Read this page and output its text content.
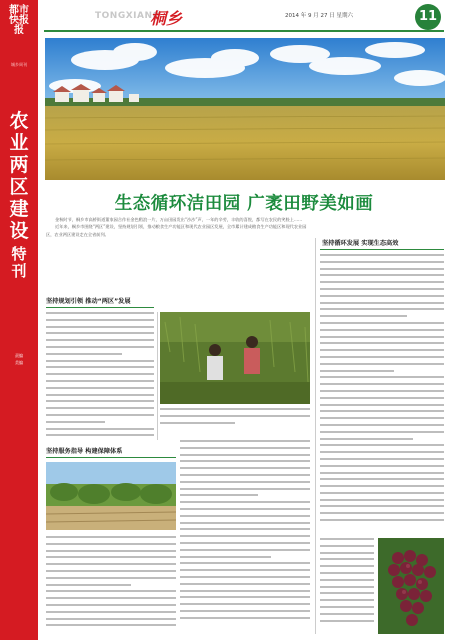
都市
快报
报
城乡周刊
农
业
两
区
建
设
特
刊
责编
美编
TONGXIANG
桐乡	2014 年 9 月 27 日 星期六	11
生态循环洁田园 广袤田野美如画

金秋时节，桐乡市高桥街道董家园合作社金色稻浪一片，万亩田园发出“沙沙”声，一年的辛劳，丰收的喜悦，都写在农民的笑脸上……

近年来，桐乡市围绕“两区”建设，坚持规划引领，推动粮食生产功能区和现代农业园区发展，全市累计建成粮食生产功能区和现代农业园区，农业两区建设走在全省前列。

坚持循环发展 实现生态高效
坚持规划引领 推动“两区”发展
坚持服务指导 构建保障体系
